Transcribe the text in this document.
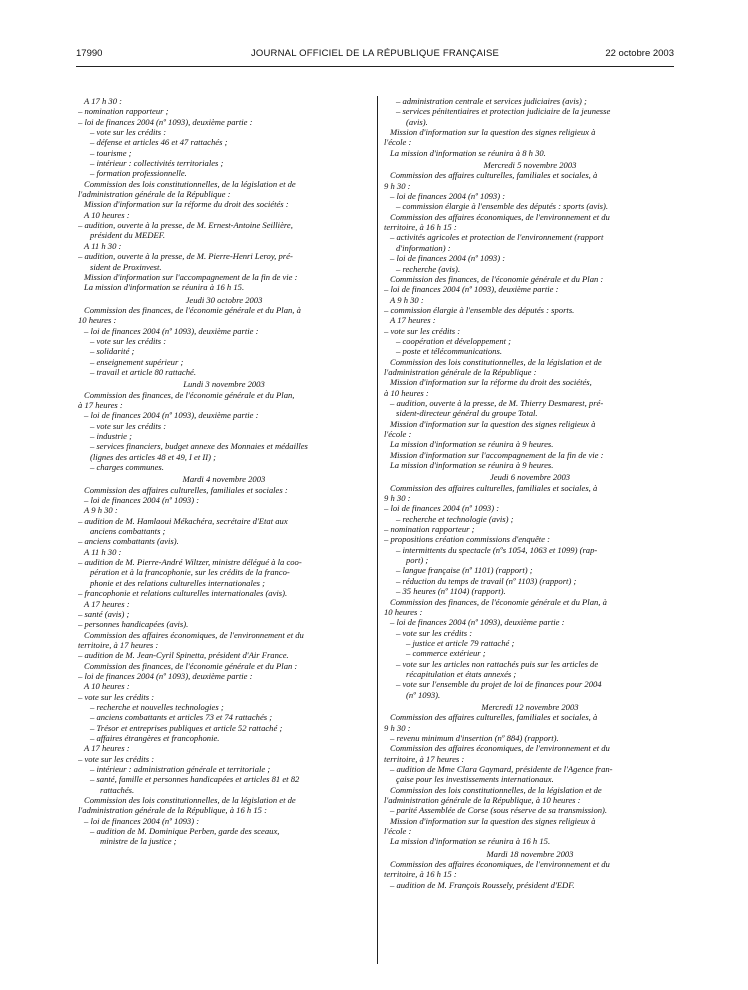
17990	JOURNAL OFFICIEL DE LA RÉPUBLIQUE FRANÇAISE	22 octobre 2003
A 17 h 30 :
– nomination rapporteur ;
– loi de finances 2004 (nº 1093), deuxième partie :
– vote sur les crédits :
– défense et articles 46 et 47 rattachés ;
– tourisme ;
– intérieur : collectivités territoriales ;
– formation professionnelle.
Commission des lois constitutionnelles, de la législation et de
l'administration générale de la République :
Mission d'information sur la réforme du droit des sociétés :
A 10 heures :
– audition, ouverte à la presse, de M. Ernest-Antoine Seillière,
président du MEDEF.
A 11 h 30 :
– audition, ouverte à la presse, de M. Pierre-Henri Leroy, pré-
sident de Proxinvest.
Mission d'information sur l'accompagnement de la fin de vie :
La mission d'information se réunira à 16 h 15.
Jeudi 30 octobre 2003
Commission des finances, de l'économie générale et du Plan, à
10 heures :
– loi de finances 2004 (nº 1093), deuxième partie :
– vote sur les crédits :
– solidarité ;
– enseignement supérieur ;
– travail et article 80 rattaché.
Lundi 3 novembre 2003
Commission des finances, de l'économie générale et du Plan,
à 17 heures :
– loi de finances 2004 (nº 1093), deuxième partie :
– vote sur les crédits :
– industrie ;
– services financiers, budget annexe des Monnaies et médailles
(lignes des articles 48 et 49, I et II) ;
– charges communes.
Mardi 4 novembre 2003
Commission des affaires culturelles, familiales et sociales :
– loi de finances 2004 (nº 1093) :
A 9 h 30 :
– audition de M. Hamlaoui Mékachéra, secrétaire d'Etat aux
anciens combattants ;
– anciens combattants (avis).
A 11 h 30 :
– audition de M. Pierre-André Wiltzer, ministre délégué à la coo-
pération et à la francophonie, sur les crédits de la franco-
phonie et des relations culturelles internationales ;
– francophonie et relations culturelles internationales (avis).
A 17 heures :
– santé (avis) ;
– personnes handicapées (avis).
Commission des affaires économiques, de l'environnement et du
territoire, à 17 heures :
– audition de M. Jean-Cyril Spinetta, président d'Air France.
Commission des finances, de l'économie générale et du Plan :
– loi de finances 2004 (nº 1093), deuxième partie :
A 10 heures :
– vote sur les crédits :
– recherche et nouvelles technologies ;
– anciens combattants et articles 73 et 74 rattachés ;
– Trésor et entreprises publiques et article 52 rattaché ;
– affaires étrangères et francophonie.
A 17 heures :
– vote sur les crédits :
– intérieur : administration générale et territoriale ;
– santé, famille et personnes handicapées et articles 81 et 82
rattachés.
Commission des lois constitutionnelles, de la législation et de
l'administration générale de la République, à 16 h 15 :
– loi de finances 2004 (nº 1093) :
– audition de M. Dominique Perben, garde des sceaux,
ministre de la justice ;
– administration centrale et services judiciaires (avis) ;
– services pénitentiaires et protection judiciaire de la jeunesse
(avis).
Mission d'information sur la question des signes religieux à
l'école :
La mission d'information se réunira à 8 h 30.
Mercredi 5 novembre 2003
Commission des affaires culturelles, familiales et sociales, à
9 h 30 :
– loi de finances 2004 (nº 1093) :
– commission élargie à l'ensemble des députés : sports (avis).
Commission des affaires économiques, de l'environnement et du
territoire, à 16 h 15 :
– activités agricoles et protection de l'environnement (rapport
d'information) :
– loi de finances 2004 (nº 1093) :
– recherche (avis).
Commission des finances, de l'économie générale et du Plan :
– loi de finances 2004 (nº 1093), deuxième partie :
A 9 h 30 :
– commission élargie à l'ensemble des députés : sports.
A 17 heures :
– vote sur les crédits :
– coopération et développement ;
– poste et télécommunications.
Commission des lois constitutionnelles, de la législation et de
l'administration générale de la République :
Mission d'information sur la réforme du droit des sociétés,
à 10 heures :
– audition, ouverte à la presse, de M. Thierry Desmarest, pré-
sident-directeur général du groupe Total.
Mission d'information sur la question des signes religieux à
l'école :
La mission d'information se réunira à 9 heures.
Mission d'information sur l'accompagnement de la fin de vie :
La mission d'information se réunira à 9 heures.
Jeudi 6 novembre 2003
Commission des affaires culturelles, familiales et sociales, à
9 h 30 :
– loi de finances 2004 (nº 1093) :
– recherche et technologie (avis) ;
– nomination rapporteur ;
– propositions création commissions d'enquête :
– intermittents du spectacle (nºs 1054, 1063 et 1099) (rap-
port) ;
– langue française (nº 1101) (rapport) ;
– réduction du temps de travail (nº 1103) (rapport) ;
– 35 heures (nº 1104) (rapport).
Commission des finances, de l'économie générale et du Plan, à
10 heures :
– loi de finances 2004 (nº 1093), deuxième partie :
– vote sur les crédits :
– justice et article 79 rattaché ;
– commerce extérieur ;
– vote sur les articles non rattachés puis sur les articles de
récapitulation et états annexés ;
– vote sur l'ensemble du projet de loi de finances pour 2004
(nº 1093).
Mercredi 12 novembre 2003
Commission des affaires culturelles, familiales et sociales, à
9 h 30 :
– revenu minimum d'insertion (nº 884) (rapport).
Commission des affaires économiques, de l'environnement et du
territoire, à 17 heures :
– audition de Mme Clara Gaymard, présidente de l'Agence fran-
çaise pour les investissements internationaux.
Commission des lois constitutionnelles, de la législation et de
l'administration générale de la République, à 10 heures :
– parité Assemblée de Corse (sous réserve de sa transmission).
Mission d'information sur la question des signes religieux à
l'école :
La mission d'information se réunira à 16 h 15.
Mardi 18 novembre 2003
Commission des affaires économiques, de l'environnement et du
territoire, à 16 h 15 :
– audition de M. François Roussely, président d'EDF.
